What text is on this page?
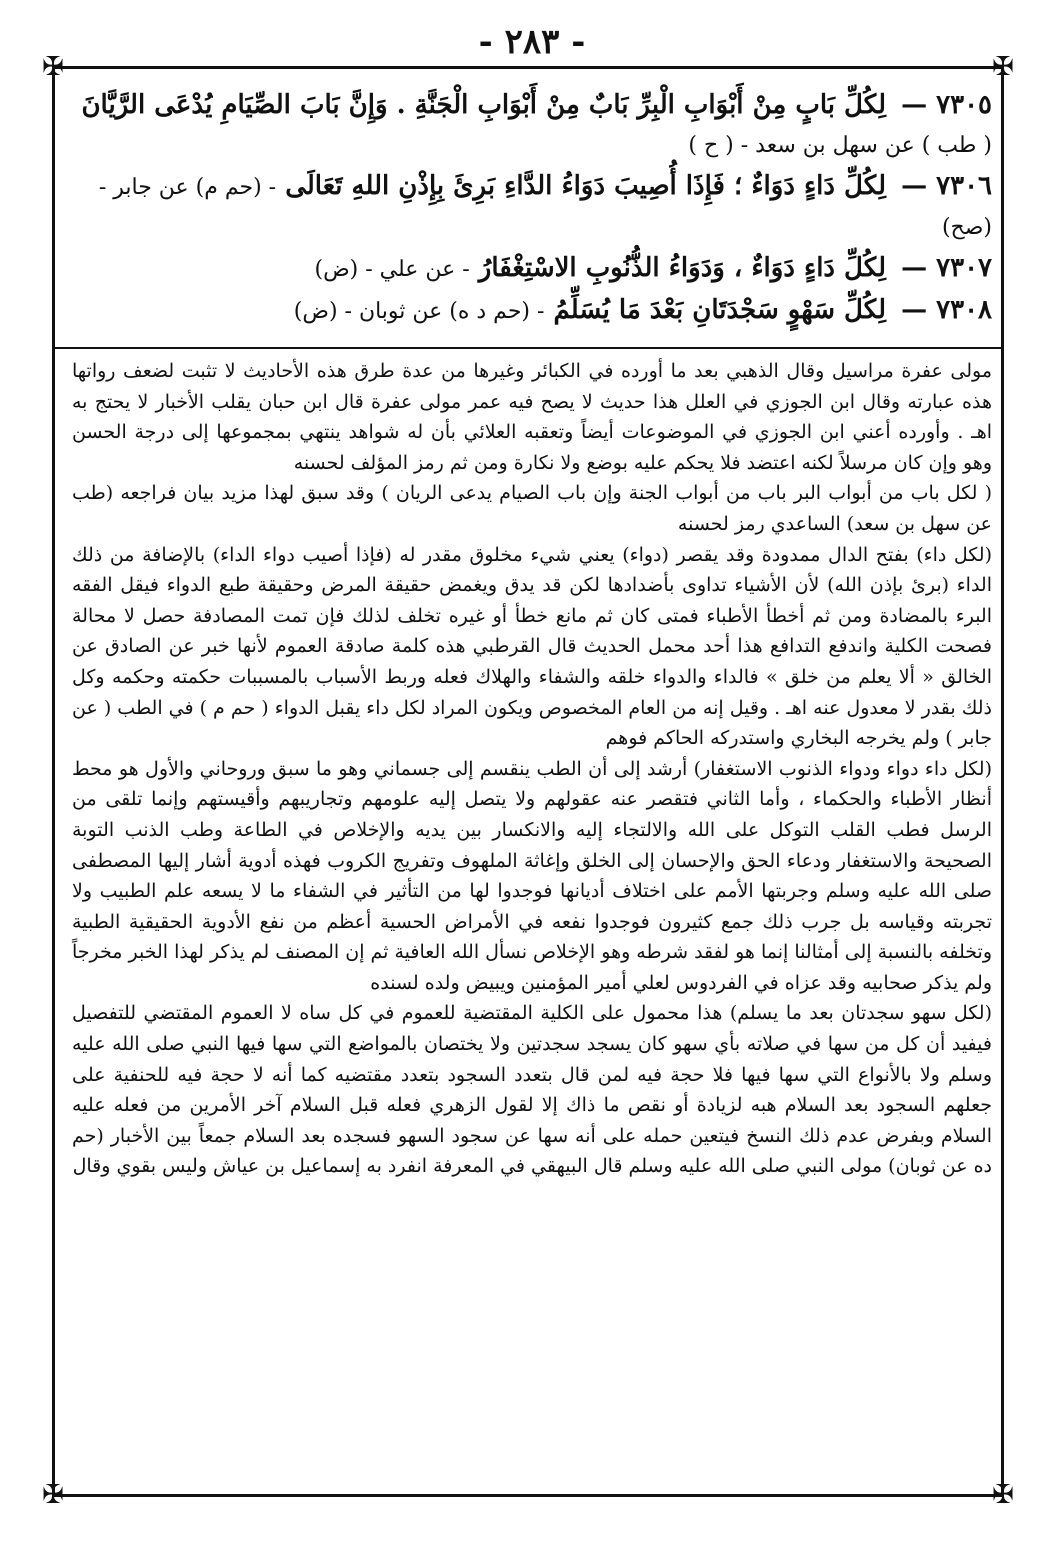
- ٢٨٣ -
✠	✠
✠	✠

٧٣٠٥ — لِكُلِّ بَابٍ مِنْ أَبْوَابِ الْبِرِّ بَابٌ مِنْ أَبْوَابِ الْجَنَّةِ . وَإِنَّ بَابَ الصِّيَامِ يُدْعَى الرَّيَّانَ ( طب ) عن سهل بن سعد - ( ح )

٧٣٠٦ — لِكُلِّ دَاءٍ دَوَاءٌ ؛ فَإِذَا أُصِيبَ دَوَاءُ الدَّاءِ بَرِئَ بِإِذْنِ اللهِ تَعَالَى - (حم م) عن جابر - (صح)

٧٣٠٧ — لِكُلِّ دَاءٍ دَوَاءٌ ، وَدَوَاءُ الذُّنُوبِ الاسْتِغْفَارُ - عن علي - (ض)

٧٣٠٨ — لِكُلِّ سَهْوٍ سَجْدَتَانِ بَعْدَ مَا يُسَلِّمُ - (حم د ه) عن ثوبان - (ض)

مولى عفرة مراسيل وقال الذهبي بعد ما أورده في الكبائر وغيرها من عدة طرق هذه الأحاديث لا تثبت لضعف رواتها هذه عبارته وقال ابن الجوزي في العلل هذا حديث لا يصح فيه عمر مولى عفرة قال ابن حبان يقلب الأخبار لا يحتج به اهـ . وأورده أعني ابن الجوزي في الموضوعات أيضاً وتعقبه العلائي بأن له شواهد ينتهي بمجموعها إلى درجة الحسن وهو وإن كان مرسلاً لكنه اعتضد فلا يحكم عليه بوضع ولا نكارة ومن ثم رمز المؤلف لحسنه

( لكل باب من أبواب البر باب من أبواب الجنة وإن باب الصيام يدعى الريان ) وقد سبق لهذا مزيد بيان فراجعه (طب عن سهل بن سعد) الساعدي رمز لحسنه

(لكل داء) بفتح الدال ممدودة وقد يقصر (دواء) يعني شيء مخلوق مقدر له (فإذا أصيب دواء الداء) بالإضافة من ذلك الداء (برئ بإذن الله) لأن الأشياء تداوى بأضدادها لكن قد يدق ويغمض حقيقة المرض وحقيقة طبع الدواء فيقل الفقه البرء بالمضادة ومن ثم أخطأ الأطباء فمتى كان ثم مانع خطأ أو غيره تخلف لذلك فإن تمت المصادفة حصل لا محالة فصحت الكلية واندفع التدافع هذا أحد محمل الحديث قال القرطبي هذه كلمة صادقة العموم لأنها خبر عن الصادق عن الخالق « ألا يعلم من خلق » فالداء والدواء خلقه والشفاء والهلاك فعله وربط الأسباب بالمسببات حكمته وحكمه وكل ذلك بقدر لا معدول عنه اهـ . وقيل إنه من العام المخصوص ويكون المراد لكل داء يقبل الدواء ( حم م ) في الطب ( عن جابر ) ولم يخرجه البخاري واستدركه الحاكم فوهم

(لكل داء دواء ودواء الذنوب الاستغفار) أرشد إلى أن الطب ينقسم إلى جسماني وهو ما سبق وروحاني والأول هو محط أنظار الأطباء والحكماء ، وأما الثاني فتقصر عنه عقولهم ولا يتصل إليه علومهم وتجاريبهم وأقيستهم وإنما تلقى من الرسل فطب القلب التوكل على الله والالتجاء إليه والانكسار بين يديه والإخلاص في الطاعة وطب الذنب التوبة الصحيحة والاستغفار ودعاء الحق والإحسان إلى الخلق وإغاثة الملهوف وتفريج الكروب فهذه أدوية أشار إليها المصطفى صلى الله عليه وسلم وجربتها الأمم على اختلاف أديانها فوجدوا لها من التأثير في الشفاء ما لا يسعه علم الطبيب ولا تجربته وقياسه بل جرب ذلك جمع كثيرون فوجدوا نفعه في الأمراض الحسية أعظم من نفع الأدوية الحقيقية الطبية وتخلفه بالنسبة إلى أمثالنا إنما هو لفقد شرطه وهو الإخلاص نسأل الله العافية ثم إن المصنف لم يذكر لهذا الخبر مخرجاً ولم يذكر صحابيه وقد عزاه في الفردوس لعلي أمير المؤمنين ويبيض ولده لسنده

(لكل سهو سجدتان بعد ما يسلم) هذا محمول على الكلية المقتضية للعموم في كل ساه لا العموم المقتضي للتفصيل فيفيد أن كل من سها في صلاته بأي سهو كان يسجد سجدتين ولا يختصان بالمواضع التي سها فيها النبي صلى الله عليه وسلم ولا بالأنواع التي سها فيها فلا حجة فيه لمن قال بتعدد السجود بتعدد مقتضيه كما أنه لا حجة فيه للحنفية على جعلهم السجود بعد السلام هبه لزيادة أو نقص ما ذاك إلا لقول الزهري فعله قبل السلام آخر الأمرين من فعله عليه السلام وبفرض عدم ذلك النسخ فيتعين حمله على أنه سها عن سجود السهو فسجده بعد السلام جمعاً بين الأخبار (حم ده عن ثوبان) مولى النبي صلى الله عليه وسلم قال البيهقي في المعرفة انفرد به إسماعيل بن عياش وليس بقوي وقال
